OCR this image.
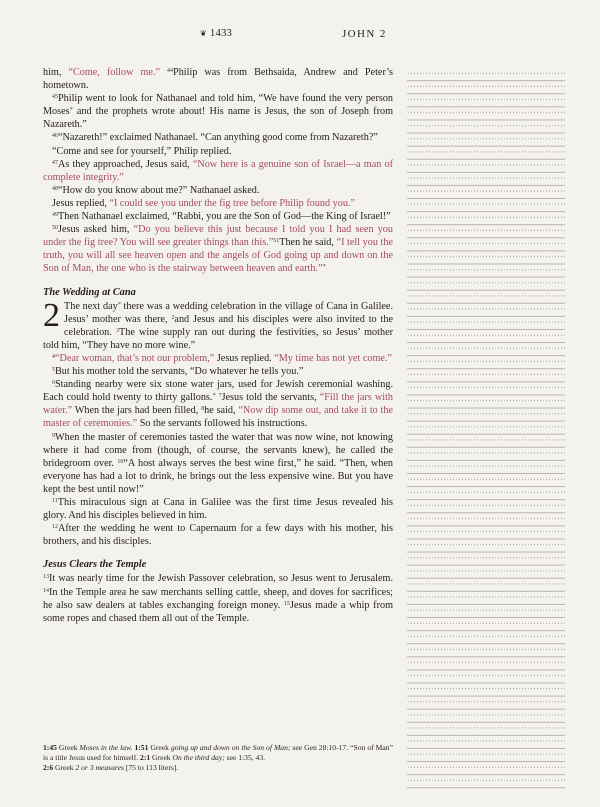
❦ 1433	JOHN 2

him, “Come, follow me.” $^{44}$Philip was from Bethsaida, Andrew and Peter’s hometown.

$^{45}$Philip went to look for Nathanael and told him, “We have found the very person Moses* and the prophets wrote about! His name is Jesus, the son of Joseph from Nazareth.”

$^{46}$“Nazareth!” exclaimed Nathanael. “Can anything good come from Nazareth?”

“Come and see for yourself,” Philip replied.

$^{47}$As they approached, Jesus said, “Now here is a genuine son of Israel—a man of complete integrity.”

$^{48}$“How do you know about me?” Nathanael asked.

Jesus replied, “I could see you under the fig tree before Philip found you.”

$^{49}$Then Nathanael exclaimed, “Rabbi, you are the Son of God—the King of Israel!”

$^{50}$Jesus asked him, “Do you believe this just because I told you I had seen you under the fig tree? You will see greater things than this.”$^{51}$Then he said, “I tell you the truth, you will all see heaven open and the angels of God going up and down on the Son of Man, the one who is the stairway between heaven and earth.”*

The Wedding at Cana

2 The next day* there was a wedding celebration in the village of Cana in Galilee. Jesus’ mother was there, $^2$and Jesus and his disciples were also invited to the celebration. $^3$The wine supply ran out during the festivities, so Jesus’ mother told him, “They have no more wine.”

$^4$“Dear woman, that’s not our problem,” Jesus replied. “My time has not yet come.”

$^5$But his mother told the servants, “Do whatever he tells you.”

$^6$Standing nearby were six stone water jars, used for Jewish ceremonial washing. Each could hold twenty to thirty gallons.* $^7$Jesus told the servants, “Fill the jars with water.” When the jars had been filled, $^8$he said, “Now dip some out, and take it to the master of ceremonies.” So the servants followed his instructions.

$^9$When the master of ceremonies tasted the water that was now wine, not knowing where it had come from (though, of course, the servants knew), he called the bridegroom over. $^{10}$“A host always serves the best wine first,” he said. “Then, when everyone has had a lot to drink, he brings out the less expensive wine. But you have kept the best until now!”

$^{11}$This miraculous sign at Cana in Galilee was the first time Jesus revealed his glory. And his disciples believed in him.

$^{12}$After the wedding he went to Capernaum for a few days with his mother, his brothers, and his disciples.

Jesus Clears the Temple

$^{13}$It was nearly time for the Jewish Passover celebration, so Jesus went to Jerusalem. $^{14}$In the Temple area he saw merchants selling cattle, sheep, and doves for sacrifices; he also saw dealers at tables exchanging foreign money. $^{15}$Jesus made a whip from some ropes and chased them all out of the Temple.

1:45 Greek Moses in the law. 1:51 Greek going up and down on the Son of Man; see Gen 28:10-17. “Son of Man” is a title Jesus used for himself. 2:1 Greek On the third day; see 1:35, 43.
2:6 Greek 2 or 3 measures [75 to 113 liters].
